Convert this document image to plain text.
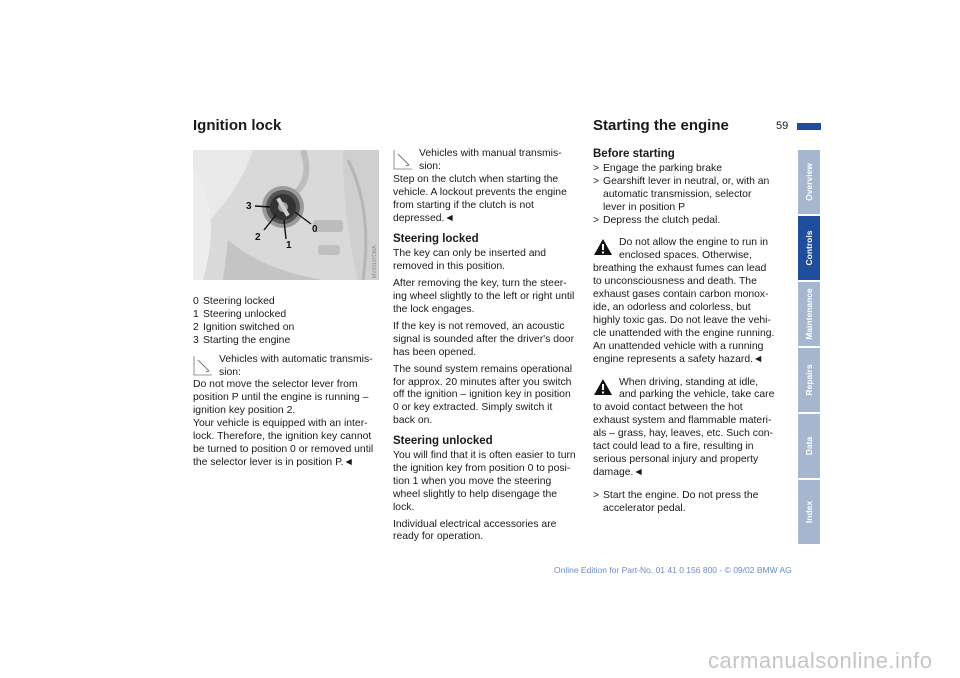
59
Ignition lock	Starting the engine
3
2
1
0
MV00107CMA
0 Steering locked
1 Steering unlocked
2 Ignition switched on
3 Starting the engine
Vehicles with automatic transmis-
sion:
Do not move the selector lever from
position P until the engine is running –
ignition key position 2.
Your vehicle is equipped with an inter-
lock. Therefore, the ignition key cannot
be turned to position 0 or removed until
the selector lever is in position P.◄
Vehicles with manual transmis-
sion:
Step on the clutch when starting the
vehicle. A lockout prevents the engine
from starting if the clutch is not
depressed.◄
Steering locked

The key can only be inserted and
removed in this position.

After removing the key, turn the steer-
ing wheel slightly to the left or right until
the lock engages.

If the key is not removed, an acoustic
signal is sounded after the driver's door
has been opened.

The sound system remains operational
for approx. 20 minutes after you switch
off the ignition – ignition key in position
0 or key extracted. Simply switch it
back on.

Steering unlocked

You will find that it is often easier to turn
the ignition key from position 0 to posi-
tion 1 when you move the steering
wheel slightly to help disengage the
lock.

Individual electrical accessories are
ready for operation.

Before starting
> Engage the parking brake
> Gearshift lever in neutral, or, with an
automatic transmission, selector
lever in position P
> Depress the clutch pedal.
Do not allow the engine to run in
enclosed spaces. Otherwise,
breathing the exhaust fumes can lead
to unconsciousness and death. The
exhaust gases contain carbon monox-
ide, an odorless and colorless, but
highly toxic gas. Do not leave the vehi-
cle unattended with the engine running.
An unattended vehicle with a running
engine represents a safety hazard.◄
When driving, standing at idle,
and parking the vehicle, take care
to avoid contact between the hot
exhaust system and flammable materi-
als – grass, hay, leaves, etc. Such con-
tact could lead to a fire, resulting in
serious personal injury and property
damage.◄
> Start the engine. Do not press the
accelerator pedal.
Overview
Controls
Maintenance
Repairs
Data
Index
Online Edition for Part-No. 01 41 0 156 800 - © 09/02 BMW AG
carmanualsonline.info
